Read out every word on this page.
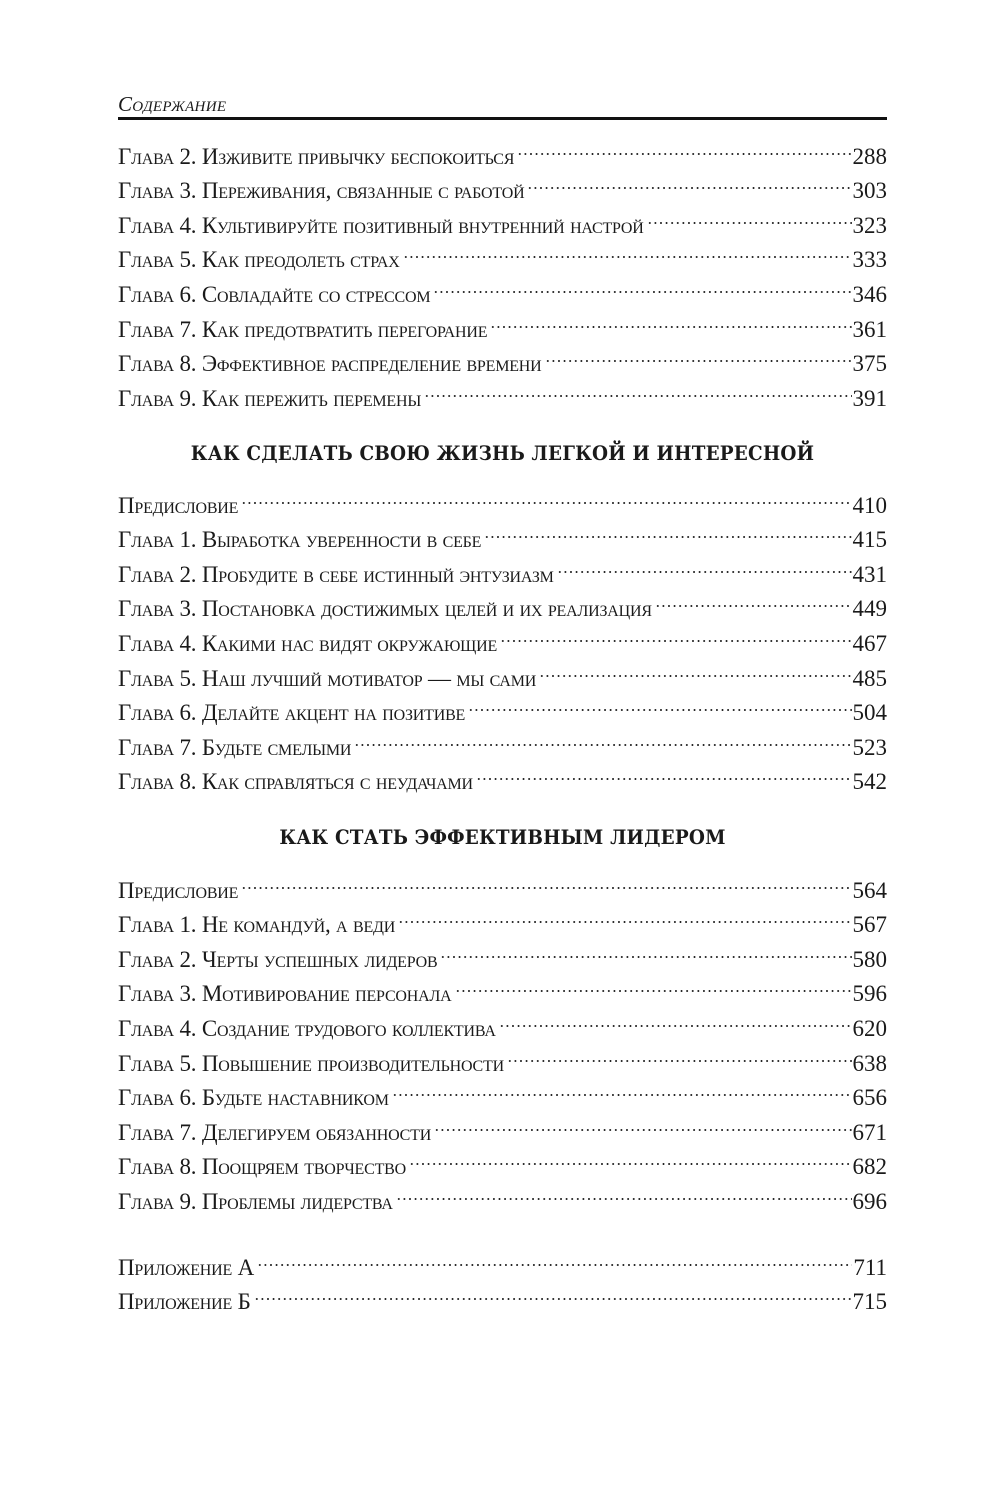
Содержание
Глава 2. Изживите привычку беспокоиться	288
Глава 3. Переживания, связанные с работой	303
Глава 4. Культивируйте позитивный внутренний настрой	323
Глава 5. Как преодолеть страх	333
Глава 6. Совладайте со стрессом	346
Глава 7. Как предотвратить перегорание	361
Глава 8. Эффективное распределение времени	375
Глава 9. Как пережить перемены	391
КАК СДЕЛАТЬ СВОЮ ЖИЗНЬ ЛЕГКОЙ И ИНТЕРЕСНОЙ
Предисловие	410
Глава 1. Выработка уверенности в себе	415
Глава 2. Пробудите в себе истинный энтузиазм	431
Глава 3. Постановка достижимых целей и их реализация	449
Глава 4. Какими нас видят окружающие	467
Глава 5. Наш лучший мотиватор — мы сами	485
Глава 6. Делайте акцент на позитиве	504
Глава 7. Будьте смелыми	523
Глава 8. Как справляться с неудачами	542
КАК СТАТЬ ЭФФЕКТИВНЫМ ЛИДЕРОМ
Предисловие	564
Глава 1. Не командуй, а веди	567
Глава 2. Черты успешных лидеров	580
Глава 3. Мотивирование персонала	596
Глава 4. Создание трудового коллектива	620
Глава 5. Повышение производительности	638
Глава 6. Будьте наставником	656
Глава 7. Делегируем обязанности	671
Глава 8. Поощряем творчество	682
Глава 9. Проблемы лидерства	696
Приложение А	711
Приложение Б	715
